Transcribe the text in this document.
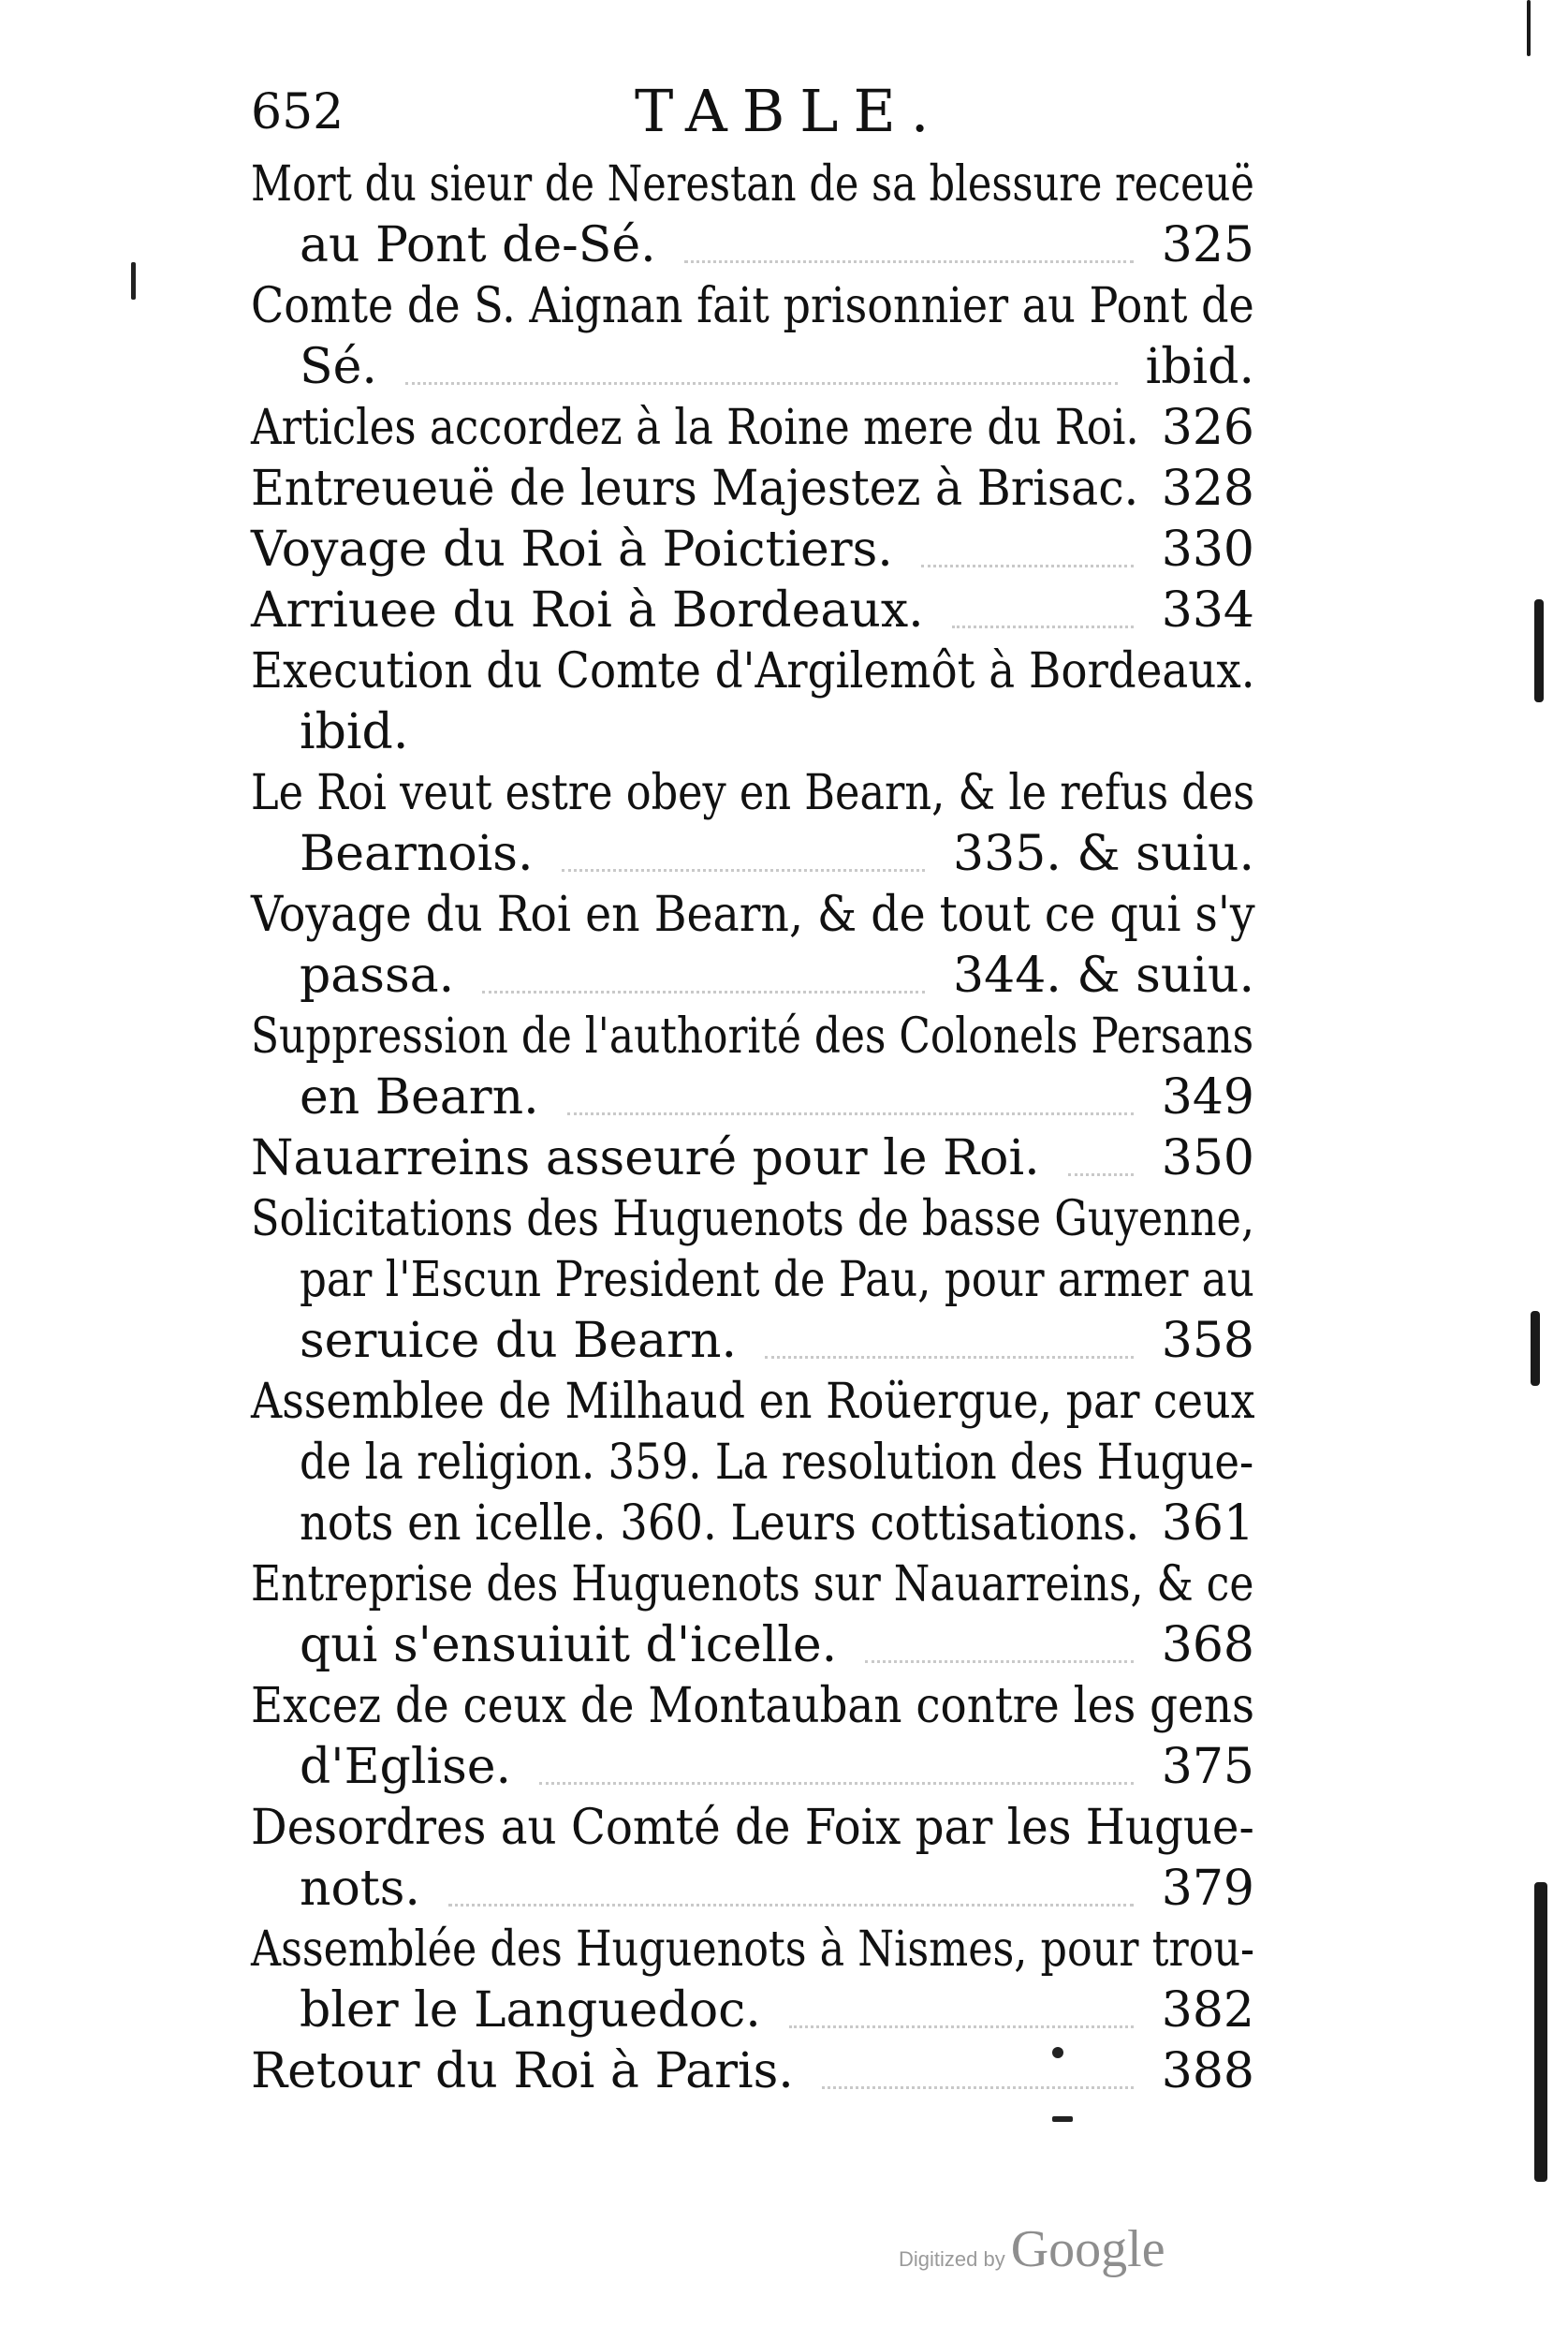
652	TABLE.
Mort du sieur de Nerestan de sa blessure receuë
au Pont de-Sé.	325
Comte de S. Aignan fait prisonnier au Pont de
Sé.	ibid.
Articles accordez à la Roine mere du Roi. 326
Entreueuë de leurs Majestez à Brisac. 328
Voyage du Roi à Poictiers.	330
Arriuee du Roi à Bordeaux.	334
Execution du Comte d'Argilemôt à Bordeaux.
ibid.
Le Roi veut estre obey en Bearn, & le refus des
Bearnois.	335. & suiu.
Voyage du Roi en Bearn, & de tout ce qui s'y
passa.	344. & suiu.
Suppression de l'authorité des Colonels Persans
en Bearn.	349
Nauarreins asseuré pour le Roi.	350
Solicitations des Huguenots de basse Guyenne,
par l'Escun President de Pau, pour armer au
seruice du Bearn.	358
Assemblee de Milhaud en Roüergue, par ceux
de la religion. 359. La resolution des Hugue-
nots en icelle. 360. Leurs cottisations. 361
Entreprise des Huguenots sur Nauarreins, & ce
qui s'ensuiuit d'icelle.	368
Excez de ceux de Montauban contre les gens
d'Eglise.	375
Desordres au Comté de Foix par les Hugue-
nots.	379
Assemblée des Huguenots à Nismes, pour trou-
bler le Languedoc.	382
Retour du Roi à Paris.	388
Digitized by Google
